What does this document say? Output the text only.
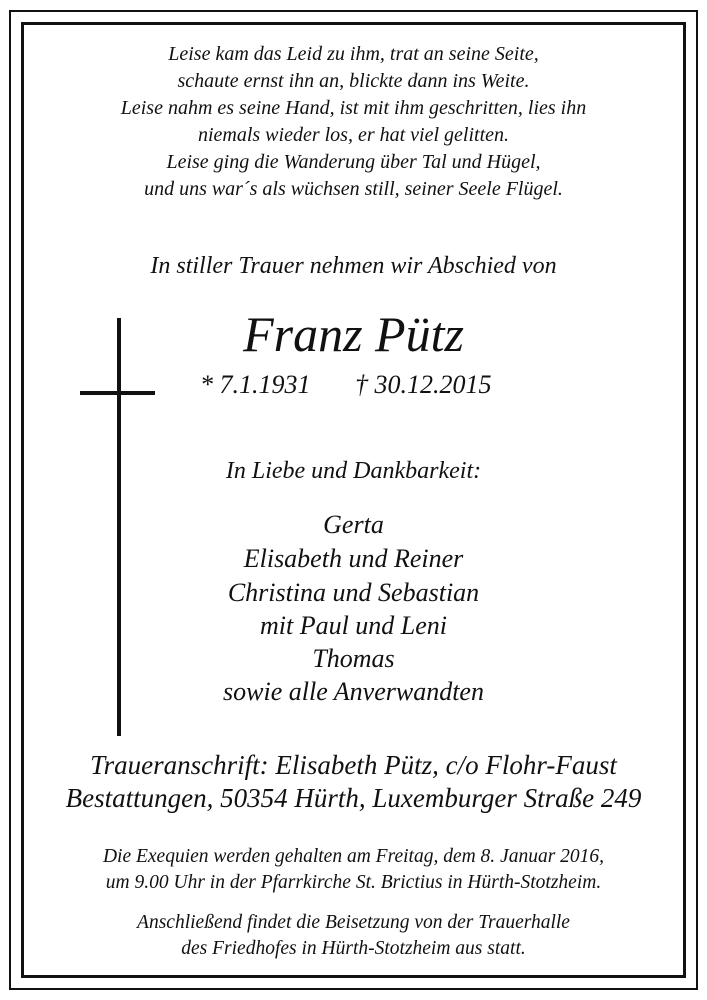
Leise kam das Leid zu ihm, trat an seine Seite,
schaute ernst ihn an, blickte dann ins Weite.
Leise nahm es seine Hand, ist mit ihm geschritten, lies ihn
niemals wieder los, er hat viel gelitten.
Leise ging die Wanderung über Tal und Hügel,
und uns war´s als wüchsen still, seiner Seele Flügel.
In stiller Trauer nehmen wir Abschied von
Franz Pütz
* 7.1.1931 † 30.12.2015
In Liebe und Dankbarkeit:
Gerta
Elisabeth und Reiner
Christina und Sebastian
mit Paul und Leni
Thomas
sowie alle Anverwandten
Traueranschrift: Elisabeth Pütz, c/o Flohr-Faust
Bestattungen, 50354 Hürth, Luxemburger Straße 249
Die Exequien werden gehalten am Freitag, dem 8. Januar 2016,
um 9.00 Uhr in der Pfarrkirche St. Brictius in Hürth-Stotzheim.
Anschließend findet die Beisetzung von der Trauerhalle
des Friedhofes in Hürth-Stotzheim aus statt.
